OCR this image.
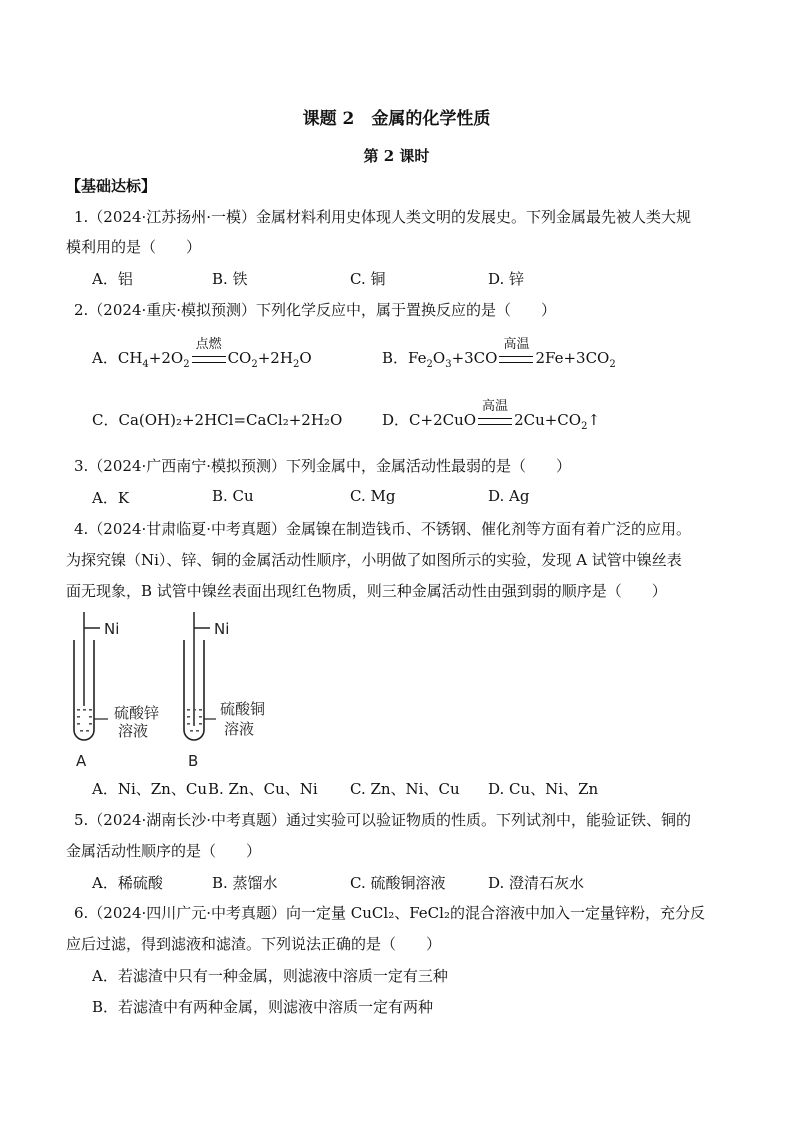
课题 2　金属的化学性质
第 2 课时
【基础达标】
1.（2024·江苏扬州·一模）金属材料利用史体现人类文明的发展史。下列金属最先被人类大规
模利用的是（　　）
A．铝	B. 铁	C. 铜	D. 锌
2.（2024·重庆·模拟预测）下列化学反应中，属于置换反应的是（　　）
A．$CH_4+2O_2$
点燃
$CO_2+2H_2O$	B．$Fe_2O_3+3CO$
高温
$2Fe+3CO_2$
C．Ca(OH)₂+2HCl=CaCl₂+2H₂O	D．C+2CuO
高温
$2Cu+CO_2↑$
3.（2024·广西南宁·模拟预测）下列金属中，金属活动性最弱的是（　　）
A．K	B. Cu	C. Mg	D. Ag
4.（2024·甘肃临夏·中考真题）金属镍在制造钱币、不锈钢、催化剂等方面有着广泛的应用。
为探究镍（Ni）、锌、铜的金属活动性顺序，小明做了如图所示的实验，发现 A 试管中镍丝表
面无现象，B 试管中镍丝表面出现红色物质，则三种金属活动性由强到弱的顺序是（　　）
Ni
硫酸锌
溶液
A
Ni
硫酸铜
溶液
B
A．Ni、Zn、Cu B. Zn、Cu、Ni C. Zn、Ni、Cu D. Cu、Ni、Zn
5.（2024·湖南长沙·中考真题）通过实验可以验证物质的性质。下列试剂中，能验证铁、铜的
金属活动性顺序的是（　　）
A．稀硫酸	B. 蒸馏水	C. 硫酸铜溶液	D. 澄清石灰水
6.（2024·四川广元·中考真题）向一定量 CuCl₂、FeCl₂的混合溶液中加入一定量锌粉，充分反
应后过滤，得到滤液和滤渣。下列说法正确的是（　　）
A．若滤渣中只有一种金属，则滤液中溶质一定有三种
B．若滤渣中有两种金属，则滤液中溶质一定有两种
